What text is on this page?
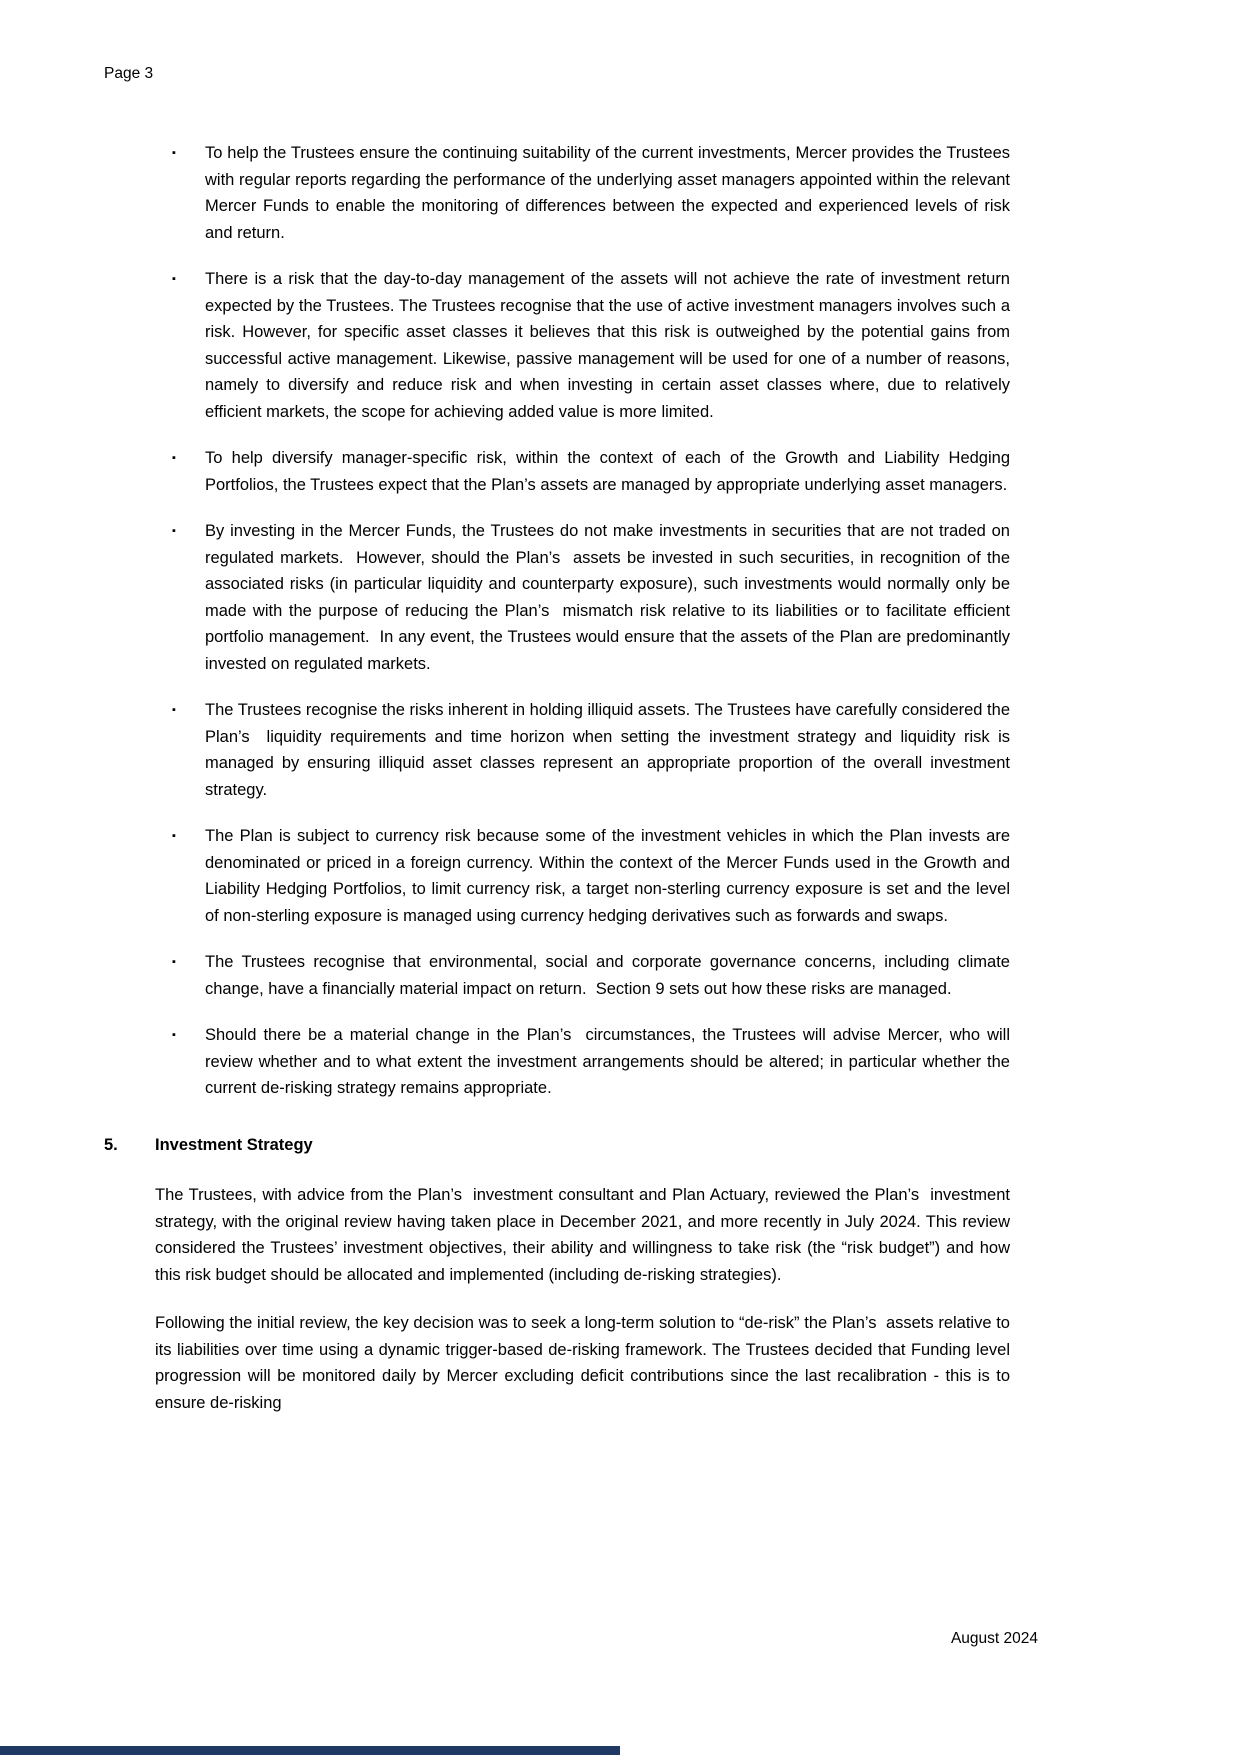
Page 3
▪	To help the Trustees ensure the continuing suitability of the current investments, Mercer provides the Trustees with regular reports regarding the performance of the underlying asset managers appointed within the relevant Mercer Funds to enable the monitoring of differences between the expected and experienced levels of risk and return.
▪	There is a risk that the day-to-day management of the assets will not achieve the rate of investment return expected by the Trustees. The Trustees recognise that the use of active investment managers involves such a risk. However, for specific asset classes it believes that this risk is outweighed by the potential gains from successful active management. Likewise, passive management will be used for one of a number of reasons, namely to diversify and reduce risk and when investing in certain asset classes where, due to relatively efficient markets, the scope for achieving added value is more limited.
▪	To help diversify manager-specific risk, within the context of each of the Growth and Liability Hedging Portfolios, the Trustees expect that the Plan’s assets are managed by appropriate underlying asset managers.
▪	By investing in the Mercer Funds, the Trustees do not make investments in securities that are not traded on regulated markets.  However, should the Plan’s  assets be invested in such securities, in recognition of the associated risks (in particular liquidity and counterparty exposure), such investments would normally only be made with the purpose of reducing the Plan’s  mismatch risk relative to its liabilities or to facilitate efficient portfolio management.  In any event, the Trustees would ensure that the assets of the Plan are predominantly invested on regulated markets.
▪	The Trustees recognise the risks inherent in holding illiquid assets. The Trustees have carefully considered the Plan’s  liquidity requirements and time horizon when setting the investment strategy and liquidity risk is managed by ensuring illiquid asset classes represent an appropriate proportion of the overall investment strategy.
▪	The Plan is subject to currency risk because some of the investment vehicles in which the Plan invests are denominated or priced in a foreign currency. Within the context of the Mercer Funds used in the Growth and Liability Hedging Portfolios, to limit currency risk, a target non-sterling currency exposure is set and the level of non-sterling exposure is managed using currency hedging derivatives such as forwards and swaps.
▪	The Trustees recognise that environmental, social and corporate governance concerns, including climate change, have a financially material impact on return.  Section 9 sets out how these risks are managed.
▪	Should there be a material change in the Plan’s  circumstances, the Trustees will advise Mercer, who will review whether and to what extent the investment arrangements should be altered; in particular whether the current de-risking strategy remains appropriate.
5.	Investment Strategy
The Trustees, with advice from the Plan’s  investment consultant and Plan Actuary, reviewed the Plan’s  investment strategy, with the original review having taken place in December 2021, and more recently in July 2024. This review considered the Trustees’ investment objectives, their ability and willingness to take risk (the “risk budget”) and how this risk budget should be allocated and implemented (including de-risking strategies).
Following the initial review, the key decision was to seek a long-term solution to “de-risk” the Plan’s  assets relative to its liabilities over time using a dynamic trigger-based de-risking framework. The Trustees decided that Funding level progression will be monitored daily by Mercer excluding deficit contributions since the last recalibration - this is to ensure de-risking
August 2024
